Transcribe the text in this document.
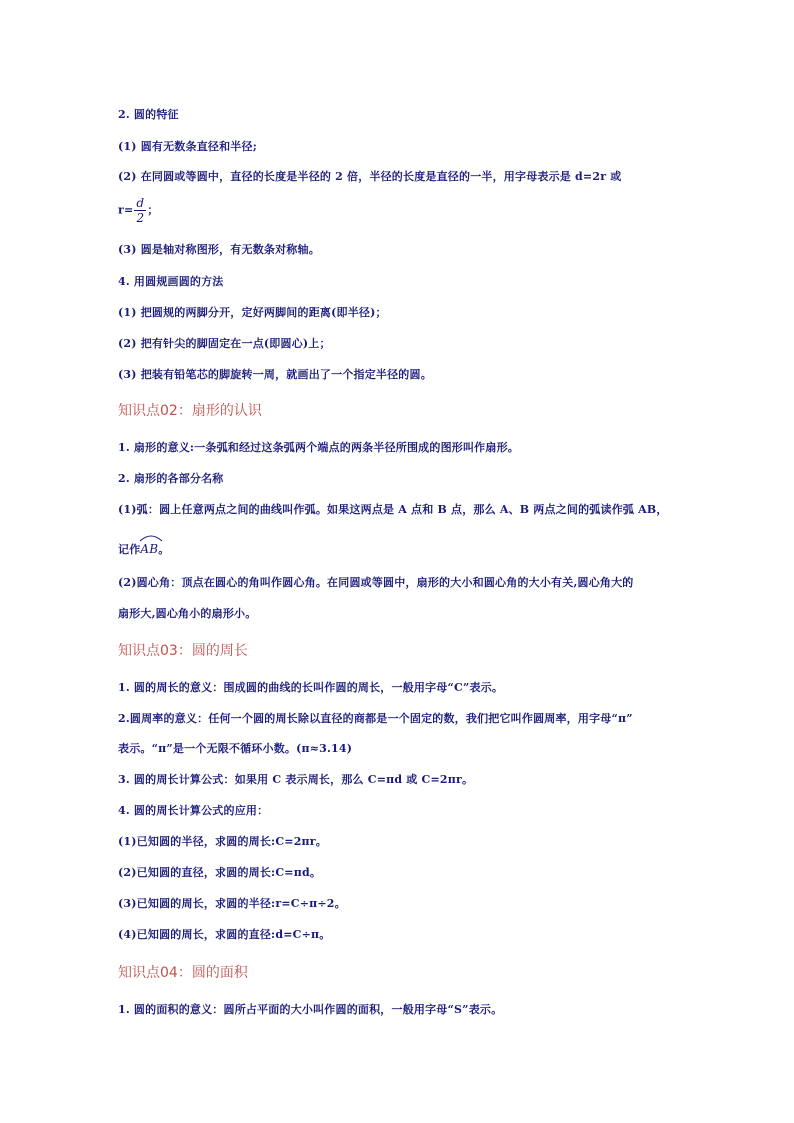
2. 圆的特征
(1) 圆有无数条直径和半径;
(2) 在同圆或等圆中，直径的长度是半径的 2 倍，半径的长度是直径的一半，用字母表示是 d=2r 或
$r= \frac{d}{2}$ ；
(3) 圆是轴对称图形，有无数条对称轴。
4. 用圆规画圆的方法
(1) 把圆规的两脚分开，定好两脚间的距离(即半径)；
(2) 把有针尖的脚固定在一点(即圆心)上；
(3) 把装有铅笔芯的脚旋转一周，就画出了一个指定半径的圆。
知识点02：扇形的认识
1. 扇形的意义:一条弧和经过这条弧两个端点的两条半径所围成的图形叫作扇形。
2. 扇形的各部分名称
(1)弧：圆上任意两点之间的曲线叫作弧。如果这两点是 A 点和 B 点，那么 A、B 两点之间的弧读作弧 AB，
记作
AB。
(2)圆心角：顶点在圆心的角叫作圆心角。在同圆或等圆中，扇形的大小和圆心角的大小有关,圆心角大的
扇形大,圆心角小的扇形小。
知识点03：圆的周长
1. 圆的周长的意义：围成圆的曲线的长叫作圆的周长，一般用字母“C”表示。
2.圆周率的意义：任何一个圆的周长除以直径的商都是一个固定的数，我们把它叫作圆周率，用字母“π”
表示。“π”是一个无限不循环小数。(π≈3.14)
3. 圆的周长计算公式：如果用 C 表示周长，那么 C=πd 或 C=2πr。
4. 圆的周长计算公式的应用：
(1)已知圆的半径，求圆的周长:C=2πr。
(2)已知圆的直径，求圆的周长:C=πd。
(3)已知圆的周长，求圆的半径:r=C÷π÷2。
(4)已知圆的周长，求圆的直径:d=C÷π。
知识点04：圆的面积
1. 圆的面积的意义：圆所占平面的大小叫作圆的面积，一般用字母“S”表示。
